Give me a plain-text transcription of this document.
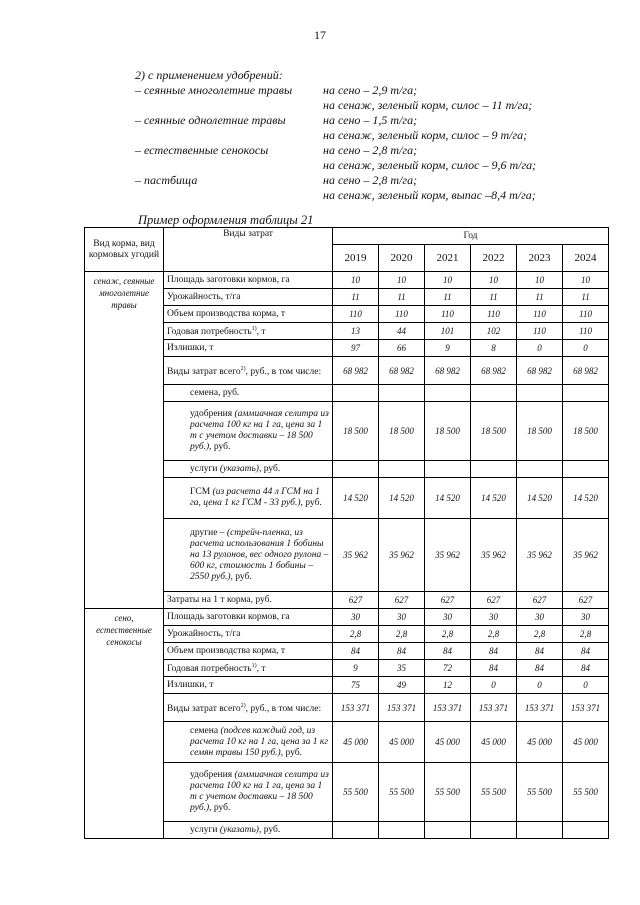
17
2) с применением удобрений:
– сеянные многолетние травы	на сено – 2,9 т/га;
на сенаж, зеленый корм, силос – 11 т/га;
– сеянные однолетние травы	на сено – 1,5 т/га;
на сенаж, зеленый корм, силос – 9 т/га;
– естественные сенокосы	на сено – 2,8 т/га;
на сенаж, зеленый корм, силос – 9,6 т/га;
– пастбища	на сено – 2,8 т/га;
на сенаж, зеленый корм, выпас –8,4 т/га;
Пример оформления таблицы 21
Вид корма, вид кормовых угодий	Виды затрат	Год					
		2019	2020	2021	2022	2023	2024
сенаж, сеянные многолетние травы	Площадь заготовки кормов, га	10	10	10	10	10	10
	Урожайность, т/га	11	11	11	11	11	11
	Объем производства корма, т	110	110	110	110	110	110
	Годовая потребность$^{1)}$, т	13	44	101	102	110	110
	Излишки, т	97	66	9	8	0	0
	Виды затрат всего$^{2)}$, руб., в том числе:	68 982	68 982	68 982	68 982	68 982	68 982
	семена, руб.						
	удобрения (аммиачная селитра из расчета 100 кг на 1 га, цена за 1 т с учетом доставки – 18 500 руб.), руб.	18 500	18 500	18 500	18 500	18 500	18 500
	услуги (указать), руб.						
	ГСМ (из расчета 44 л ГСМ на 1 га, цена 1 кг ГСМ - 33 руб.), руб.	14 520	14 520	14 520	14 520	14 520	14 520
	другие – (стрейч-пленка, из расчета использования 1 бобины на 13 рулонов, вес одного рулона – 600 кг, стоимость 1 бобины – 2550 руб.), руб.	35 962	35 962	35 962	35 962	35 962	35 962
	Затраты на 1 т корма, руб.	627	627	627	627	627	627
сено, естественные сенокосы	Площадь заготовки кормов, га	30	30	30	30	30	30
	Урожайность, т/га	2,8	2,8	2,8	2,8	2,8	2,8
	Объем производства корма, т	84	84	84	84	84	84
	Годовая потребность$^{1)}$, т	9	35	72	84	84	84
	Излишки, т	75	49	12	0	0	0
	Виды затрат всего$^{2)}$, руб., в том числе:	153 371	153 371	153 371	153 371	153 371	153 371
	семена (подсев каждый год, из расчета 10 кг на 1 га, цена за 1 кг семян травы 150 руб.), руб.	45 000	45 000	45 000	45 000	45 000	45 000
	удобрения (аммиачная селитра из расчета 100 кг на 1 га, цена за 1 т с учетом доставки – 18 500 руб.), руб.	55 500	55 500	55 500	55 500	55 500	55 500
	услуги (указать), руб.						
